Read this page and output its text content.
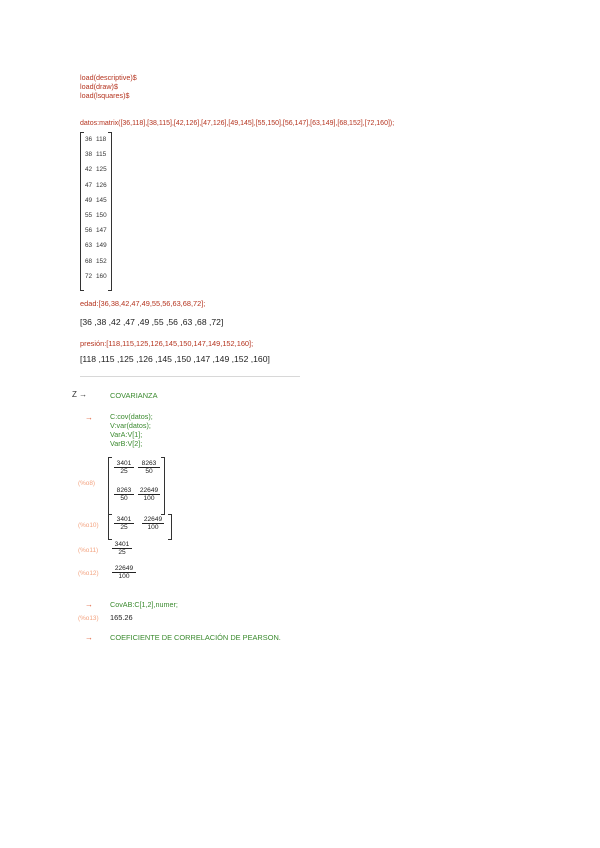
load(descriptive)$
load(draw)$
load(lsquares)$
datos:matrix([36,118],[38,115],[42,126],[47,126],[49,145],[55,150],[56,147],[63,149],[68,152],[72,160]);
36 118
38 115
42 125
47 126
49 145
55 150
56 147
63 149
68 152
72 160
edad:[36,38,42,47,49,55,56,63,68,72];
[36 ,38 ,42 ,47 ,49 ,55 ,56 ,63 ,68 ,72]
presión:[118,115,125,126,145,150,147,149,152,160];
[118 ,115 ,125 ,126 ,145 ,150 ,147 ,149 ,152 ,160]
Z →	COVARIANZA
→ C:cov(datos);
V:var(datos);
VarA:V[1];
VarB:V[2];
(%o8)
$\frac{3401}{25} \frac{8263}{50}$
$\frac{8263}{50} \frac{22649}{100}$
$(\%o10) \frac{3401}{25} \frac{22649}{100}$
$(\%o11) \frac{3401}{25}$
$(\%o12) \frac{22649}{100}$
→ CovAB:C[1,2],numer;
(%o13) 165.26
→ COEFICIENTE DE CORRELACIÓN DE PEARSON.
